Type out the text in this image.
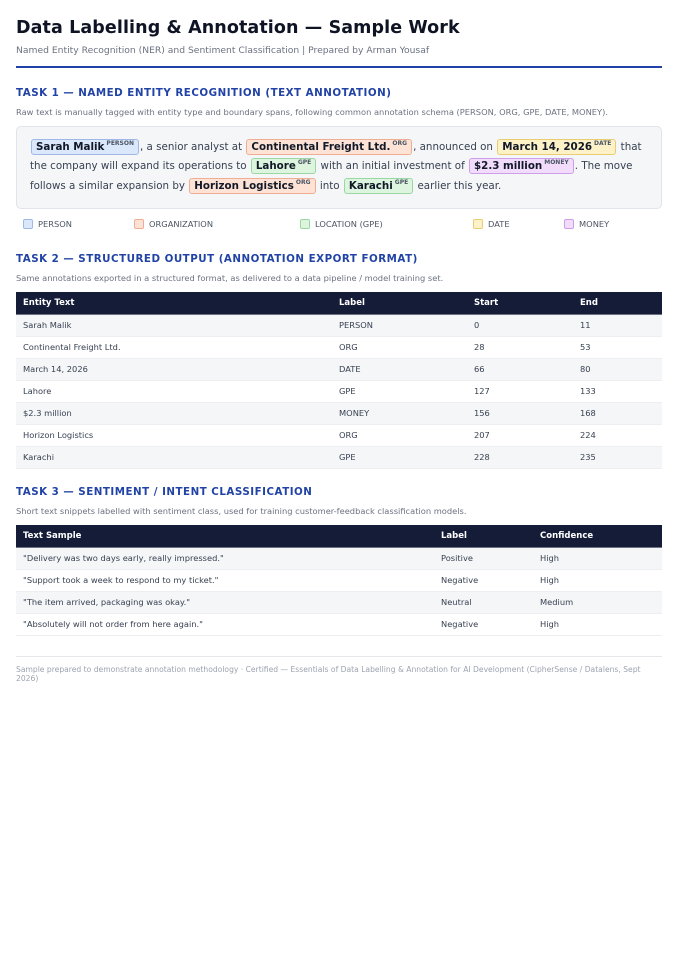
Data Labelling & Annotation — Sample Work
Named Entity Recognition (NER) and Sentiment Classification | Prepared by Arman Yousaf
TASK 1 — NAMED ENTITY RECOGNITION (TEXT ANNOTATION)
Raw text is manually tagged with entity type and boundary spans, following common annotation schema (PERSON, ORG, GPE, DATE, MONEY).
Sarah Malik $^{PERSON}$ , a senior analyst at Continental Freight Ltd. $^{ORG}$ , announced on March 14, 2026 $^{DATE}$ that the company will expand its operations to Lahore $^{GPE}$ with an initial investment of $2.3 million $^{MONEY}$ . The move follows a similar expansion by Horizon Logistics $^{ORG}$ into Karachi $^{GPE}$ earlier this year.
PERSON	ORGANIZATION	LOCATION (GPE)	DATE	MONEY
TASK 2 — STRUCTURED OUTPUT (ANNOTATION EXPORT FORMAT)
Same annotations exported in a structured format, as delivered to a data pipeline / model training set.
Entity Text	Label	Start	End
Sarah Malik	PERSON	0	11
Continental Freight Ltd.	ORG	28	53
March 14, 2026	DATE	66	80
Lahore	GPE	127	133
$2.3 million	MONEY	156	168
Horizon Logistics	ORG	207	224
Karachi	GPE	228	235
TASK 3 — SENTIMENT / INTENT CLASSIFICATION
Short text snippets labelled with sentiment class, used for training customer-feedback classification models.
Text Sample	Label	Confidence
"Delivery was two days early, really impressed."	Positive	High
"Support took a week to respond to my ticket."	Negative	High
"The item arrived, packaging was okay."	Neutral	Medium
"Absolutely will not order from here again."	Negative	High
Sample prepared to demonstrate annotation methodology · Certified — Essentials of Data Labelling & Annotation for AI Development (CipherSense / Datalens, Sept 2026)
